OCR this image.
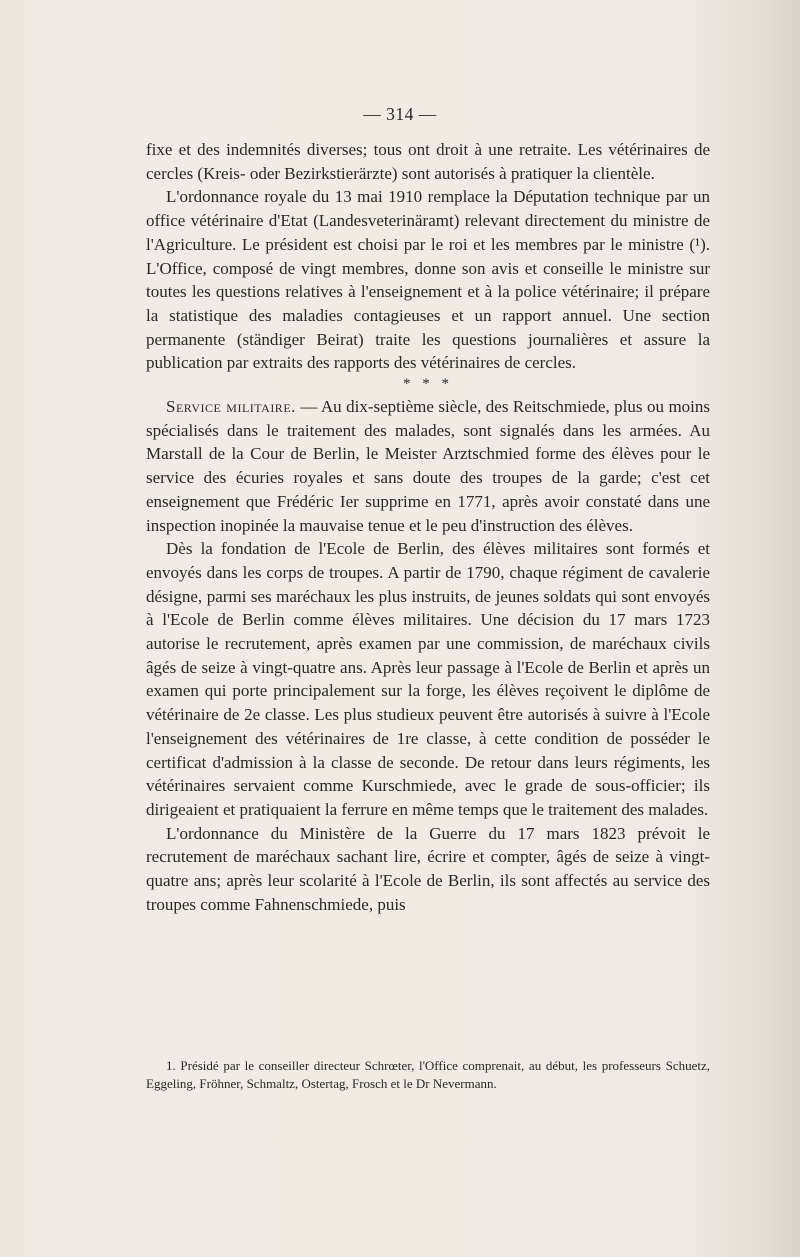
— 314 —

fixe et des indemnités diverses; tous ont droit à une retraite. Les vétérinaires de cercles (Kreis- oder Bezirkstierärzte) sont autorisés à pratiquer la clientèle.

L'ordonnance royale du 13 mai 1910 remplace la Députation technique par un office vétérinaire d'Etat (Landesveterinäramt) relevant directement du ministre de l'Agriculture. Le président est choisi par le roi et les membres par le ministre (¹). L'Office, composé de vingt membres, donne son avis et conseille le ministre sur toutes les questions relatives à l'enseignement et à la police vétérinaire; il prépare la statistique des maladies contagieuses et un rapport annuel. Une section permanente (ständiger Beirat) traite les questions journalières et assure la publication par extraits des rapports des vétérinaires de cercles.

* * *

Service militaire. — Au dix-septième siècle, des Reitschmiede, plus ou moins spécialisés dans le traitement des malades, sont signalés dans les armées. Au Marstall de la Cour de Berlin, le Meister Arztschmied forme des élèves pour le service des écuries royales et sans doute des troupes de la garde; c'est cet enseignement que Frédéric Ier supprime en 1771, après avoir constaté dans une inspection inopinée la mauvaise tenue et le peu d'instruction des élèves.

Dès la fondation de l'Ecole de Berlin, des élèves militaires sont formés et envoyés dans les corps de troupes. A partir de 1790, chaque régiment de cavalerie désigne, parmi ses maréchaux les plus instruits, de jeunes soldats qui sont envoyés à l'Ecole de Berlin comme élèves militaires. Une décision du 17 mars 1723 autorise le recrutement, après examen par une commission, de maréchaux civils âgés de seize à vingt-quatre ans. Après leur passage à l'Ecole de Berlin et après un examen qui porte principalement sur la forge, les élèves reçoivent le diplôme de vétérinaire de 2e classe. Les plus studieux peuvent être autorisés à suivre à l'Ecole l'enseignement des vétérinaires de 1re classe, à cette condition de posséder le certificat d'admission à la classe de seconde. De retour dans leurs régiments, les vétérinaires servaient comme Kurschmiede, avec le grade de sous-officier; ils dirigeaient et pratiquaient la ferrure en même temps que le traitement des malades.

L'ordonnance du Ministère de la Guerre du 17 mars 1823 prévoit le recrutement de maréchaux sachant lire, écrire et compter, âgés de seize à vingt-quatre ans; après leur scolarité à l'Ecole de Berlin, ils sont affectés au service des troupes comme Fahnenschmiede, puis

1. Présidé par le conseiller directeur Schrœter, l'Office comprenait, au début, les professeurs Schuetz, Eggeling, Fröhner, Schmaltz, Ostertag, Frosch et le Dr Nevermann.
